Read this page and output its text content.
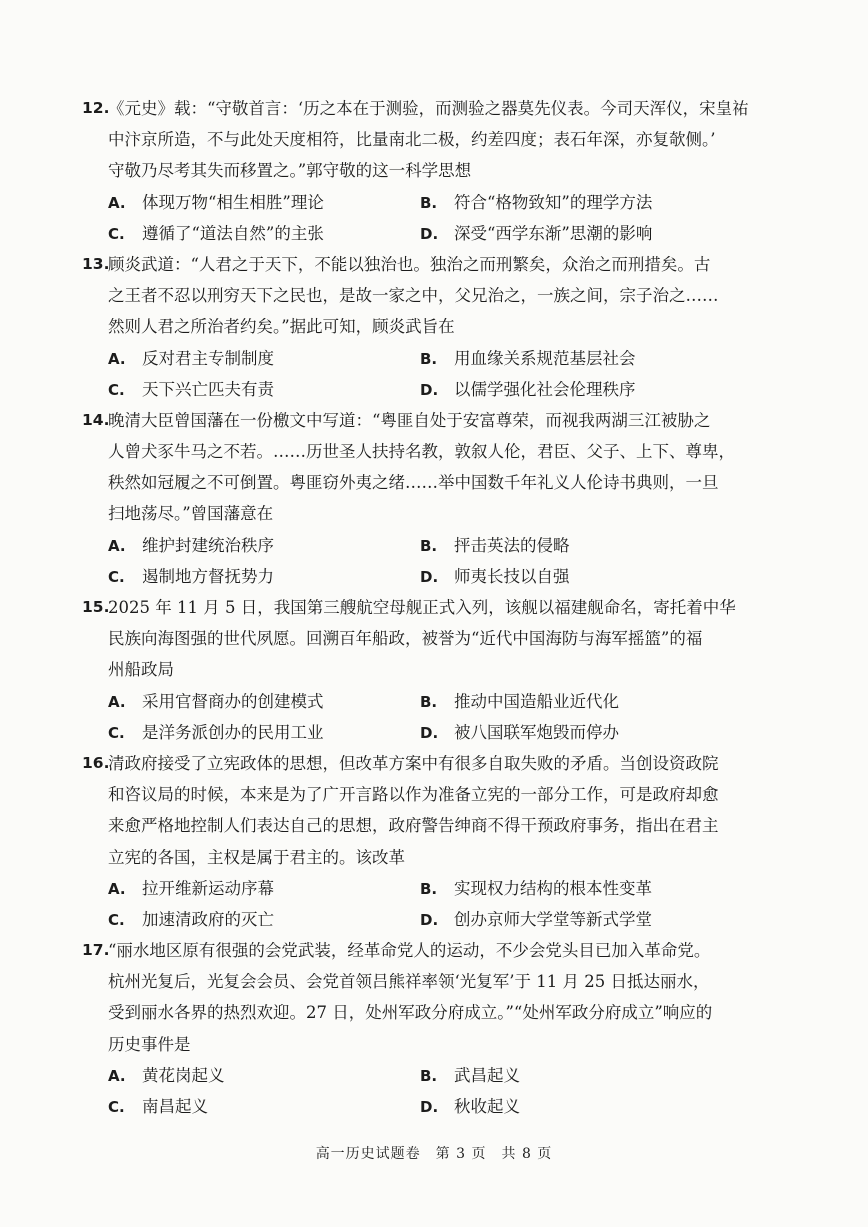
12.
《元史》载：“守敬首言：‘历之本在于测验，而测验之器莫先仪表。今司天浑仪，宋皇祐
中汴京所造，不与此处天度相符，比量南北二极，约差四度；表石年深，亦复欹侧。’
守敬乃尽考其失而移置之。”郭守敬的这一科学思想
A. 体现万物“相生相胜”理论	B. 符合“格物致知”的理学方法
C. 遵循了“道法自然”的主张	D. 深受“西学东渐”思潮的影响
13.
顾炎武道：“人君之于天下，不能以独治也。独治之而刑繁矣，众治之而刑措矣。古
之王者不忍以刑穷天下之民也，是故一家之中，父兄治之，一族之间，宗子治之……
然则人君之所治者约矣。”据此可知，顾炎武旨在
A. 反对君主专制制度	B. 用血缘关系规范基层社会
C. 天下兴亡匹夫有责	D. 以儒学强化社会伦理秩序
14.
晚清大臣曾国藩在一份檄文中写道：“粤匪自处于安富尊荣，而视我两湖三江被胁之
人曾犬豕牛马之不若。……历世圣人扶持名教，敦叙人伦，君臣、父子、上下、尊卑，
秩然如冠履之不可倒置。粤匪窃外夷之绪……举中国数千年礼义人伦诗书典则，一旦
扫地荡尽。”曾国藩意在
A. 维护封建统治秩序	B. 抨击英法的侵略
C. 遏制地方督抚势力	D. 师夷长技以自强
15.
2025 年 11 月 5 日，我国第三艘航空母舰正式入列，该舰以福建舰命名，寄托着中华
民族向海图强的世代夙愿。回溯百年船政，被誉为“近代中国海防与海军摇篮”的福
州船政局
A. 采用官督商办的创建模式	B. 推动中国造船业近代化
C. 是洋务派创办的民用工业	D. 被八国联军炮毁而停办
16.
清政府接受了立宪政体的思想，但改革方案中有很多自取失败的矛盾。当创设资政院
和咨议局的时候，本来是为了广开言路以作为准备立宪的一部分工作，可是政府却愈
来愈严格地控制人们表达自己的思想，政府警告绅商不得干预政府事务，指出在君主
立宪的各国，主权是属于君主的。该改革
A. 拉开维新运动序幕	B. 实现权力结构的根本性变革
C. 加速清政府的灭亡	D. 创办京师大学堂等新式学堂
17.
“丽水地区原有很强的会党武装，经革命党人的运动，不少会党头目已加入革命党。
杭州光复后，光复会会员、会党首领吕熊祥率领‘光复军’于 11 月 25 日抵达丽水，
受到丽水各界的热烈欢迎。27 日，处州军政分府成立。”“处州军政分府成立”响应的
历史事件是
A. 黄花岗起义	B. 武昌起义
C. 南昌起义	D. 秋收起义
高一历史试题卷　第 3 页　共 8 页
